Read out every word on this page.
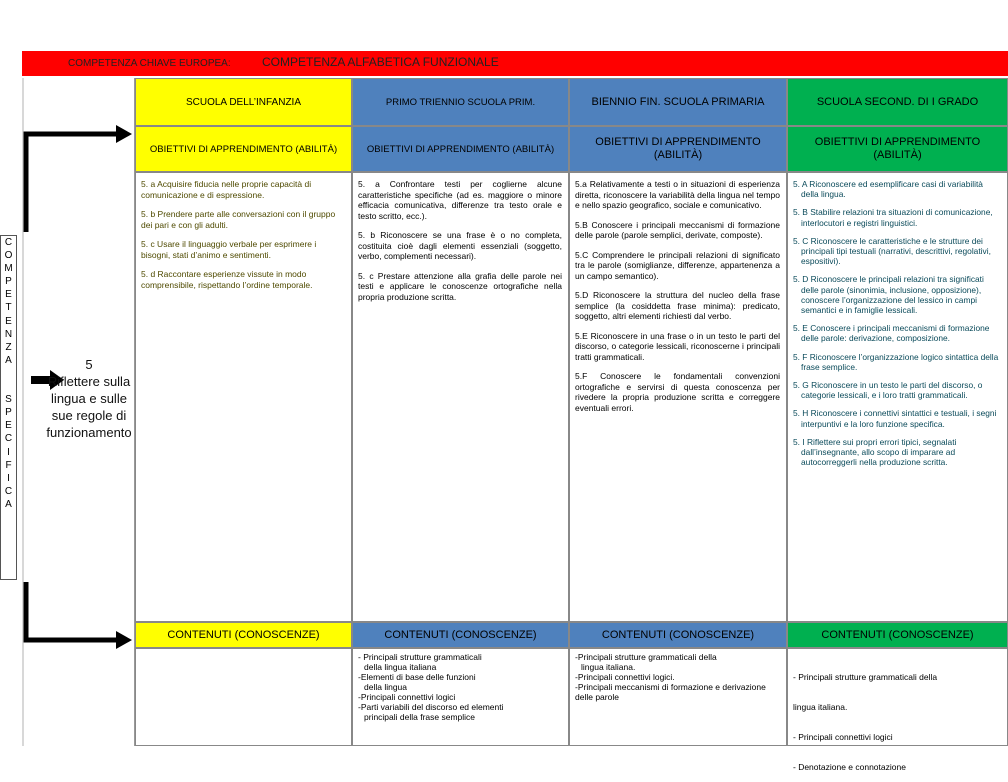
COMPETENZA CHIAVE EUROPEA:	COMPETENZA ALFABETICA FUNZIONALE
C
O
M
P
E
T
E
N
Z
A

S
P
E
C
I
F
I
C
A
5
Riflettere sulla lingua e sulle sue regole di funzionamento
SCUOLA DELL’INFANZIA
OBIETTIVI DI APPRENDIMENTO (ABILITÀ)

5. a Acquisire fiducia nelle proprie capacità di comunicazione e di espressione.

5. b Prendere parte alle conversazioni con il gruppo dei pari e con gli adulti.

5. c Usare il linguaggio verbale per esprimere i bisogni, stati d’animo e sentimenti.

5. d Raccontare esperienze vissute in modo comprensibile, rispettando l’ordine temporale.

CONTENUTI (CONOSCENZE)
PRIMO TRIENNIO SCUOLA PRIM.
OBIETTIVI DI APPRENDIMENTO (ABILITÀ)

5. a Confrontare testi per coglierne alcune caratteristiche specifiche (ad es. maggiore o minore efficacia comunicativa, differenze tra testo orale e testo scritto, ecc.).

5. b Riconoscere se una frase è o no completa, costituita cioè dagli elementi essenziali (soggetto, verbo, complementi necessari).

5. c Prestare attenzione alla grafia delle parole nei testi e applicare le conoscenze ortografiche nella propria produzione scritta.

CONTENUTI (CONOSCENZE)
- Principali strutture grammaticali
della lingua italiana
-Elementi di base delle funzioni
della lingua
-Principali connettivi logici
-Parti variabili del discorso ed elementi
principali della frase semplice
BIENNIO FIN. SCUOLA PRIMARIA
OBIETTIVI DI APPRENDIMENTO (ABILITÀ)

5.a Relativamente a testi o in situazioni di esperienza diretta, riconoscere la variabilità della lingua nel tempo e nello spazio geografico, sociale e comunicativo.

5.B Conoscere i principali meccanismi di formazione delle parole (parole semplici, derivate, composte).

5.C Comprendere le principali relazioni di significato tra le parole (somiglianze, differenze, appartenenza a un campo semantico).

5.D Riconoscere la struttura del nucleo della frase semplice (la cosiddetta frase minima): predicato, soggetto, altri elementi richiesti dal verbo.

5.E Riconoscere in una frase o in un testo le parti del discorso, o categorie lessicali, riconoscerne i principali tratti grammaticali.

5.F Conoscere le fondamentali convenzioni ortografiche e servirsi di questa conoscenza per rivedere la propria produzione scritta e correggere eventuali errori.

CONTENUTI (CONOSCENZE)
-Principali strutture grammaticali della
lingua italiana.
-Principali connettivi logici.
-Principali meccanismi di formazione e derivazione
delle parole
SCUOLA SECOND. DI I GRADO
OBIETTIVI DI APPRENDIMENTO (ABILITÀ)

5. A Riconoscere ed esemplificare casi di variabilità della lingua.

5. B Stabilire relazioni tra situazioni di comunicazione, interlocutori e registri linguistici.

5. C Riconoscere le caratteristiche e le strutture dei principali tipi testuali (narrativi, descrittivi, regolativi, espositivi).

5. D Riconoscere le principali relazioni tra significati delle parole (sinonimia, inclusione, opposizione), conoscere l’organizzazione del lessico in campi semantici e in famiglie lessicali.

5. E Conoscere i principali meccanismi di formazione delle parole: derivazione, composizione.

5. F Riconoscere l’organizzazione logico sintattica della frase semplice.

5. G Riconoscere in un testo le parti del discorso, o categorie lessicali, e i loro tratti grammaticali.

5. H Riconoscere i connettivi sintattici e testuali, i segni interpuntivi e la loro funzione specifica.

5. I Riflettere sui propri errori tipici, segnalati dall’insegnante, allo scopo di imparare ad autocorreggerli nella produzione scritta.

CONTENUTI (CONOSCENZE)

- Principali strutture grammaticali della

lingua italiana.

- Principali connettivi logici

- Denotazione e connotazione
